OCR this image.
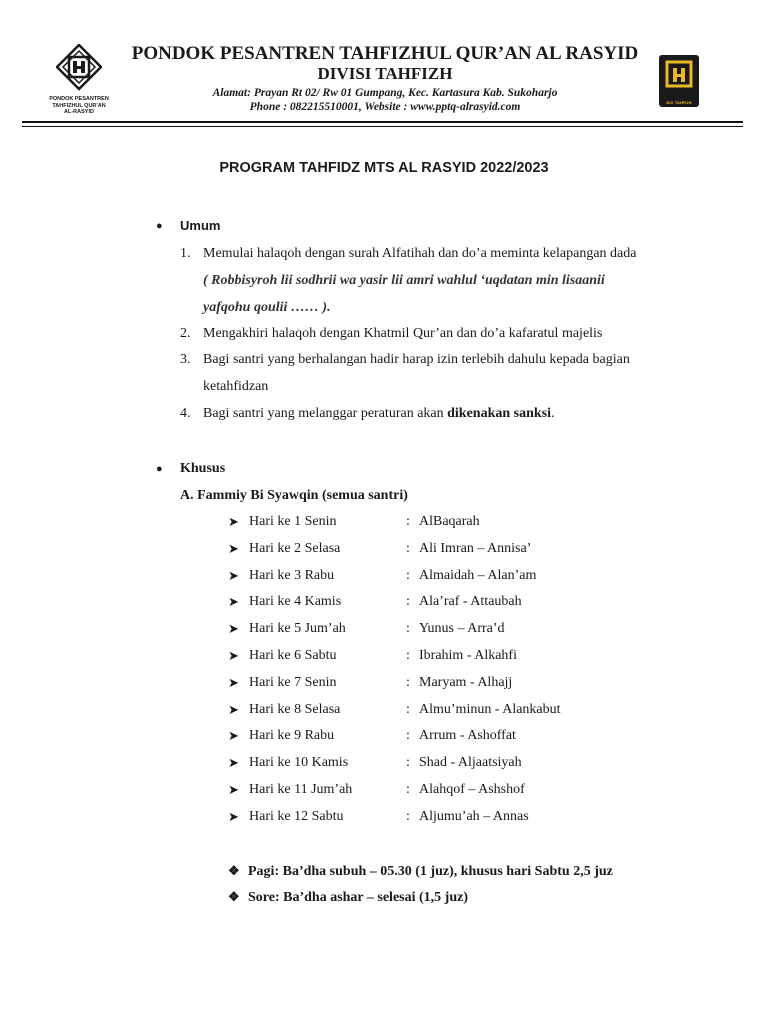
PONDOK PESANTREN
TAHFIZHUL QUR'AN
AL-RASYID
PONDOK PESANTREN TAHFIZHUL QUR’AN AL RASYID
DIVISI TAHFIZH
Alamat: Prayan Rt 02/ Rw 01 Gumpang, Kec. Kartasura Kab. Sukoharjo
Phone : 082215510001, Website : www.pptq-alrasyid.com	DIV. TAHFIZH
PROGRAM TAHFIDZ MTS AL RASYID 2022/2023
● Umum
1. Memulai halaqoh dengan surah Alfatihah dan do’a meminta kelapangan dada
( Robbisyroh lii sodhrii wa yasir lii amri wahlul ‘uqdatan min lisaanii
yafqohu qoulii …… ).
2. Mengakhiri halaqoh dengan Khatmil Qur’an dan do’a kafaratul majelis
3. Bagi santri yang berhalangan hadir harap izin terlebih dahulu kepada bagian
ketahfidzan
4. Bagi santri yang melanggar peraturan akan dikenakan sanksi.
● Khusus
A. Fammiy Bi Syawqin (semua santri)
➤ Hari ke 1 Senin	: AlBaqarah
➤ Hari ke 2 Selasa	: Ali Imran – Annisa’
➤ Hari ke 3 Rabu	: Almaidah – Alan’am
➤ Hari ke 4 Kamis	: Ala’raf - Attaubah
➤ Hari ke 5 Jum’ah	: Yunus – Arra’d
➤ Hari ke 6 Sabtu	: Ibrahim - Alkahfi
➤ Hari ke 7 Senin	: Maryam - Alhajj
➤ Hari ke 8 Selasa	: Almu’minun - Alankabut
➤ Hari ke 9 Rabu	: Arrum - Ashoffat
➤ Hari ke 10 Kamis	: Shad - Aljaatsiyah
➤ Hari ke 11 Jum’ah	: Alahqof – Ashshof
➤ Hari ke 12 Sabtu	: Aljumu’ah – Annas
❖ Pagi: Ba’dha subuh – 05.30 (1 juz), khusus hari Sabtu 2,5 juz
❖ Sore: Ba’dha ashar – selesai (1,5 juz)
